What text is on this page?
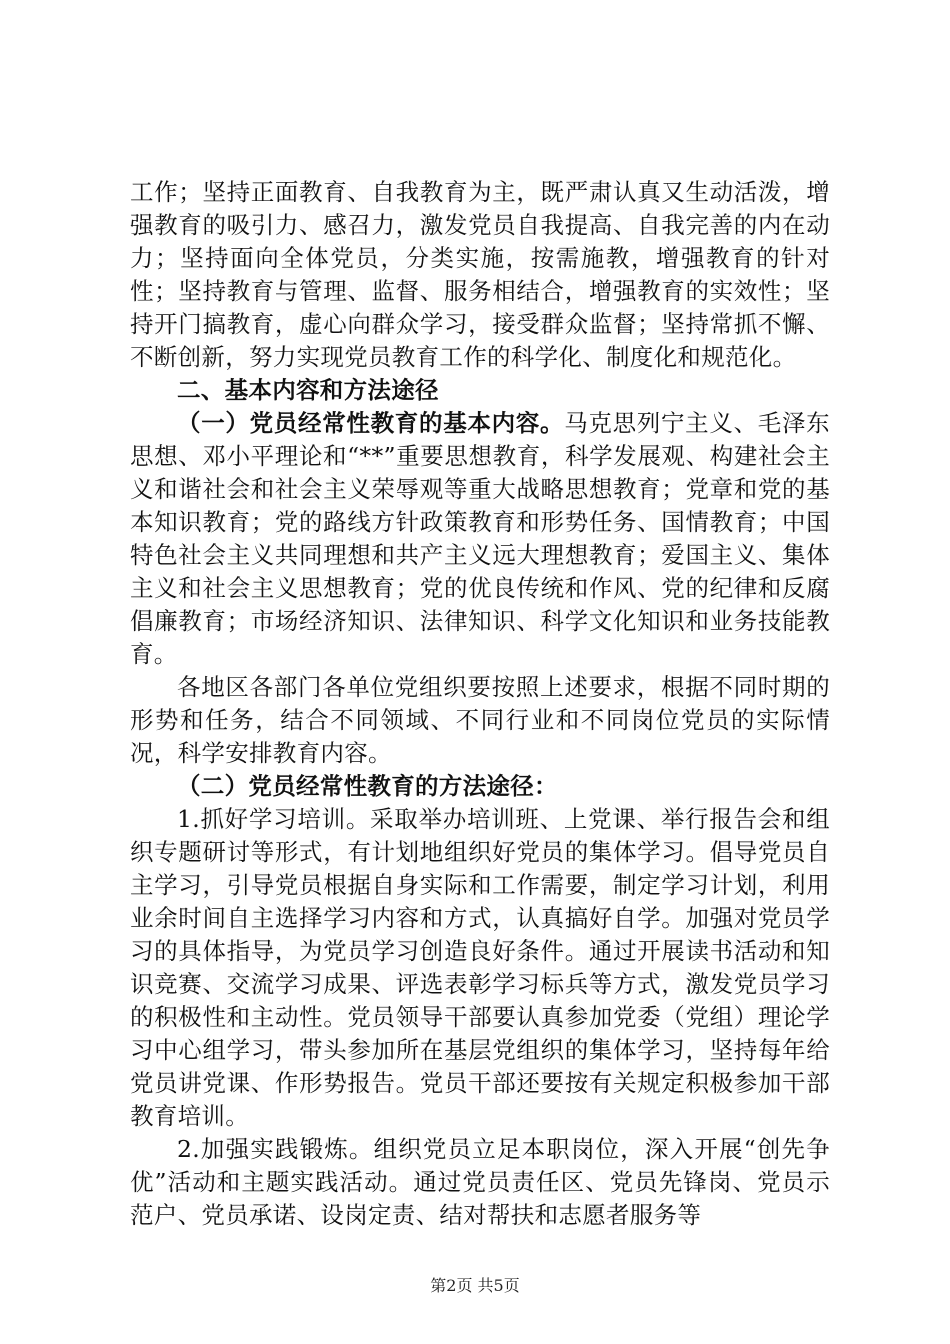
工作；坚持正面教育、自我教育为主，既严肃认真又生动活泼，增强教育的吸引力、感召力，激发党员自我提高、自我完善的内在动力；坚持面向全体党员，分类实施，按需施教，增强教育的针对性；坚持教育与管理、监督、服务相结合，增强教育的实效性；坚持开门搞教育，虚心向群众学习，接受群众监督；坚持常抓不懈、不断创新，努力实现党员教育工作的科学化、制度化和规范化。

二、基本内容和方法途径

（一）党员经常性教育的基本内容。马克思列宁主义、毛泽东思想、邓小平理论和“**”重要思想教育，科学发展观、构建社会主义和谐社会和社会主义荣辱观等重大战略思想教育；党章和党的基本知识教育；党的路线方针政策教育和形势任务、国情教育；中国特色社会主义共同理想和共产主义远大理想教育；爱国主义、集体主义和社会主义思想教育；党的优良传统和作风、党的纪律和反腐倡廉教育；市场经济知识、法律知识、科学文化知识和业务技能教育。

各地区各部门各单位党组织要按照上述要求，根据不同时期的形势和任务，结合不同领域、不同行业和不同岗位党员的实际情况，科学安排教育内容。

（二）党员经常性教育的方法途径：

1.抓好学习培训。采取举办培训班、上党课、举行报告会和组织专题研讨等形式，有计划地组织好党员的集体学习。倡导党员自主学习，引导党员根据自身实际和工作需要，制定学习计划，利用业余时间自主选择学习内容和方式，认真搞好自学。加强对党员学习的具体指导，为党员学习创造良好条件。通过开展读书活动和知识竞赛、交流学习成果、评选表彰学习标兵等方式，激发党员学习的积极性和主动性。党员领导干部要认真参加党委（党组）理论学习中心组学习，带头参加所在基层党组织的集体学习，坚持每年给党员讲党课、作形势报告。党员干部还要按有关规定积极参加干部教育培训。

2.加强实践锻炼。组织党员立足本职岗位，深入开展“创先争优”活动和主题实践活动。通过党员责任区、党员先锋岗、党员示范户、党员承诺、设岗定责、结对帮扶和志愿者服务等

第2页 共5页
